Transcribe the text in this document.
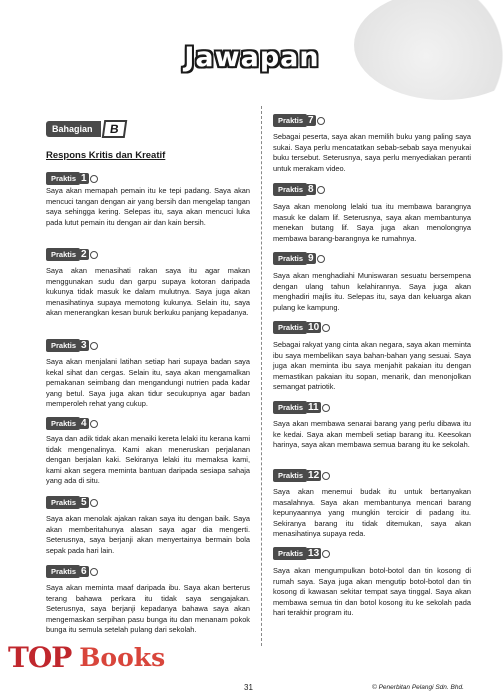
Jawapan
Bahagian	B
Respons Kritis dan Kreatif
Praktis 1
Saya akan memapah pemain itu ke tepi padang. Saya akan mencuci tangan dengan air yang bersih dan mengelap tangan saya sehingga kering. Selepas itu, saya akan mencuci luka pada lutut pemain itu dengan air dan kain bersih.
Praktis 2
Saya akan menasihati rakan saya itu agar makan menggunakan sudu dan garpu supaya kotoran daripada kukunya tidak masuk ke dalam mulutnya. Saya juga akan menasihatinya supaya memotong kukunya. Selain itu, saya akan menerangkan kesan buruk berkuku panjang kepadanya.
Praktis 3
Saya akan menjalani latihan setiap hari supaya badan saya kekal sihat dan cergas. Selain itu, saya akan mengamalkan pemakanan seimbang dan mengandungi nutrien pada kadar yang betul. Saya juga akan tidur secukupnya agar badan memperoleh rehat yang cukup.
Praktis 4
Saya dan adik tidak akan menaiki kereta lelaki itu kerana kami tidak mengenalinya. Kami akan meneruskan perjalanan dengan berjalan kaki. Sekiranya lelaki itu memaksa kami, kami akan segera meminta bantuan daripada sesiapa sahaja yang ada di situ.
Praktis 5
Saya akan menolak ajakan rakan saya itu dengan baik. Saya akan memberitahunya alasan saya agar dia mengerti. Seterusnya, saya berjanji akan menyertainya bermain bola sepak pada hari lain.
Praktis 6
Saya akan meminta maaf daripada ibu. Saya akan berterus terang bahawa perkara itu tidak saya sengajakan. Seterusnya, saya berjanji kepadanya bahawa saya akan mengemaskan serpihan pasu bunga itu dan menanam pokok bunga itu semula setelah pulang dari sekolah.
Praktis 7
Sebagai peserta, saya akan memilih buku yang paling saya sukai. Saya perlu mencatatkan sebab-sebab saya menyukai buku tersebut. Seterusnya, saya perlu menyediakan peranti untuk merakam video.
Praktis 8
Saya akan menolong lelaki tua itu membawa barangnya masuk ke dalam lif. Seterusnya, saya akan membantunya menekan butang lif. Saya juga akan menolongnya membawa barang-barangnya ke rumahnya.
Praktis 9
Saya akan menghadiahi Muniswaran sesuatu bersempena dengan ulang tahun kelahirannya. Saya juga akan menghadiri majlis itu. Selepas itu, saya dan keluarga akan pulang ke kampung.
Praktis 10
Sebagai rakyat yang cinta akan negara, saya akan meminta ibu saya membelikan saya bahan-bahan yang sesuai. Saya juga akan meminta ibu saya menjahit pakaian itu dengan memastikan pakaian itu sopan, menarik, dan menonjolkan semangat patriotik.
Praktis 11
Saya akan membawa senarai barang yang perlu dibawa itu ke kedai. Saya akan membeli setiap barang itu. Keesokan harinya, saya akan membawa semua barang itu ke sekolah.
Praktis 12
Saya akan menemui budak itu untuk bertanyakan masalahnya. Saya akan membantunya mencari barang kepunyaannya yang mungkin tercicir di padang itu. Sekiranya barang itu tidak ditemukan, saya akan menasihatinya supaya reda.
Praktis 13
Saya akan mengumpulkan botol-botol dan tin kosong di rumah saya. Saya juga akan mengutip botol-botol dan tin kosong di kawasan sekitar tempat saya tinggal. Saya akan membawa semua tin dan botol kosong itu ke sekolah pada hari terakhir program itu.
TOP Books
31	© Penerbitan Pelangi Sdn. Bhd.
